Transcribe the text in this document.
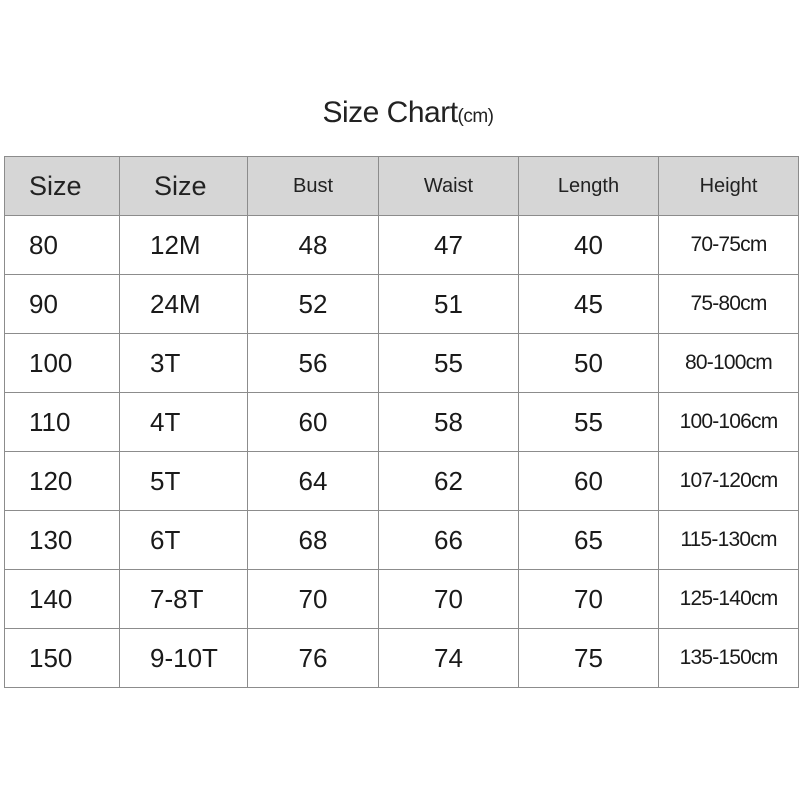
Size Chart(cm)
Size	Size	Bust	Waist	Length	Height
80	12M	48	47	40	70-75cm
90	24M	52	51	45	75-80cm
100	3T	56	55	50	80-100cm
110	4T	60	58	55	100-106cm
120	5T	64	62	60	107-120cm
130	6T	68	66	65	115-130cm
140	7-8T	70	70	70	125-140cm
150	9-10T	76	74	75	135-150cm
